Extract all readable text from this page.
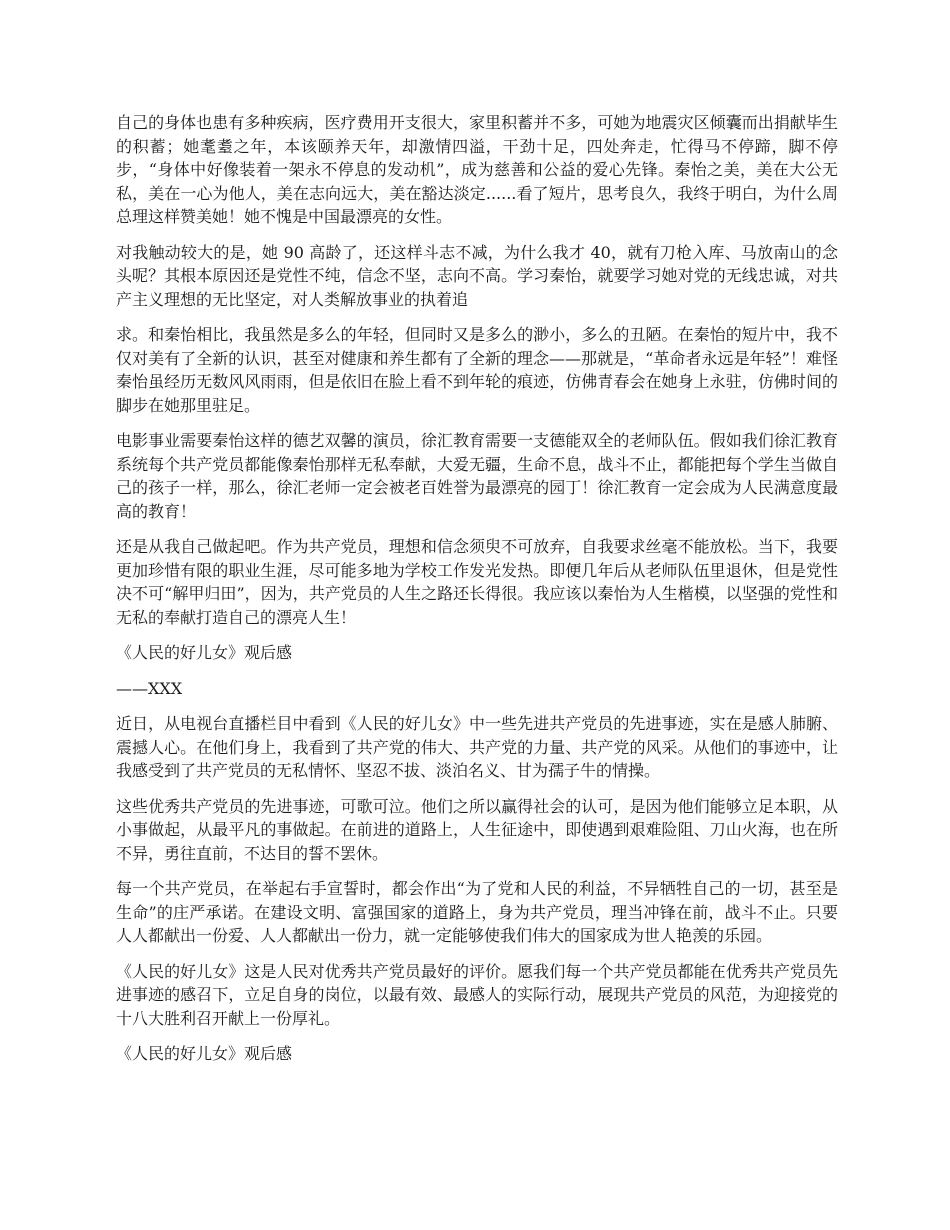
自己的身体也患有多种疾病，医疗费用开支很大，家里积蓄并不多，可她为地震灾区倾囊而出捐献毕生的积蓄；她耄耋之年，本该颐养天年，却激情四溢，干劲十足，四处奔走，忙得马不停蹄，脚不停步，“身体中好像装着一架永不停息的发动机”，成为慈善和公益的爱心先锋。秦怡之美，美在大公无私，美在一心为他人，美在志向远大，美在豁达淡定......看了短片，思考良久，我终于明白，为什么周总理这样赞美她！她不愧是中国最漂亮的女性。

对我触动较大的是，她 90 高龄了，还这样斗志不减，为什么我才 40，就有刀枪入库、马放南山的念头呢？其根本原因还是党性不纯，信念不坚，志向不高。学习秦怡，就要学习她对党的无线忠诚，对共产主义理想的无比坚定，对人类解放事业的执着追

求。和秦怡相比，我虽然是多么的年轻，但同时又是多么的渺小，多么的丑陋。在秦怡的短片中，我不仅对美有了全新的认识，甚至对健康和养生都有了全新的理念——那就是，“革命者永远是年轻”！难怪秦怡虽经历无数风风雨雨，但是依旧在脸上看不到年轮的痕迹，仿佛青春会在她身上永驻，仿佛时间的脚步在她那里驻足。

电影事业需要秦怡这样的德艺双馨的演员，徐汇教育需要一支德能双全的老师队伍。假如我们徐汇教育系统每个共产党员都能像秦怡那样无私奉献，大爱无疆，生命不息，战斗不止，都能把每个学生当做自己的孩子一样，那么，徐汇老师一定会被老百姓誉为最漂亮的园丁！徐汇教育一定会成为人民满意度最高的教育！

还是从我自己做起吧。作为共产党员，理想和信念须臾不可放弃，自我要求丝毫不能放松。当下，我要更加珍惜有限的职业生涯，尽可能多地为学校工作发光发热。即便几年后从老师队伍里退休，但是党性决不可“解甲归田”，因为，共产党员的人生之路还长得很。我应该以秦怡为人生楷模，以坚强的党性和无私的奉献打造自己的漂亮人生！

《人民的好儿女》观后感

——XXX

近日，从电视台直播栏目中看到《人民的好儿女》中一些先进共产党员的先进事迹，实在是感人肺腑、震撼人心。在他们身上，我看到了共产党的伟大、共产党的力量、共产党的风采。从他们的事迹中，让我感受到了共产党员的无私情怀、坚忍不拔、淡泊名义、甘为孺子牛的情操。

这些优秀共产党员的先进事迹，可歌可泣。他们之所以赢得社会的认可，是因为他们能够立足本职，从小事做起，从最平凡的事做起。在前进的道路上，人生征途中，即使遇到艰难险阻、刀山火海，也在所不异，勇往直前，不达目的誓不罢休。

每一个共产党员，在举起右手宣誓时，都会作出“为了党和人民的利益，不异牺牲自己的一切，甚至是生命”的庄严承诺。在建设文明、富强国家的道路上，身为共产党员，理当冲锋在前，战斗不止。只要人人都献出一份爱、人人都献出一份力，就一定能够使我们伟大的国家成为世人艳羡的乐园。

《人民的好儿女》这是人民对优秀共产党员最好的评价。愿我们每一个共产党员都能在优秀共产党员先进事迹的感召下，立足自身的岗位，以最有效、最感人的实际行动，展现共产党员的风范，为迎接党的十八大胜利召开献上一份厚礼。

《人民的好儿女》观后感
